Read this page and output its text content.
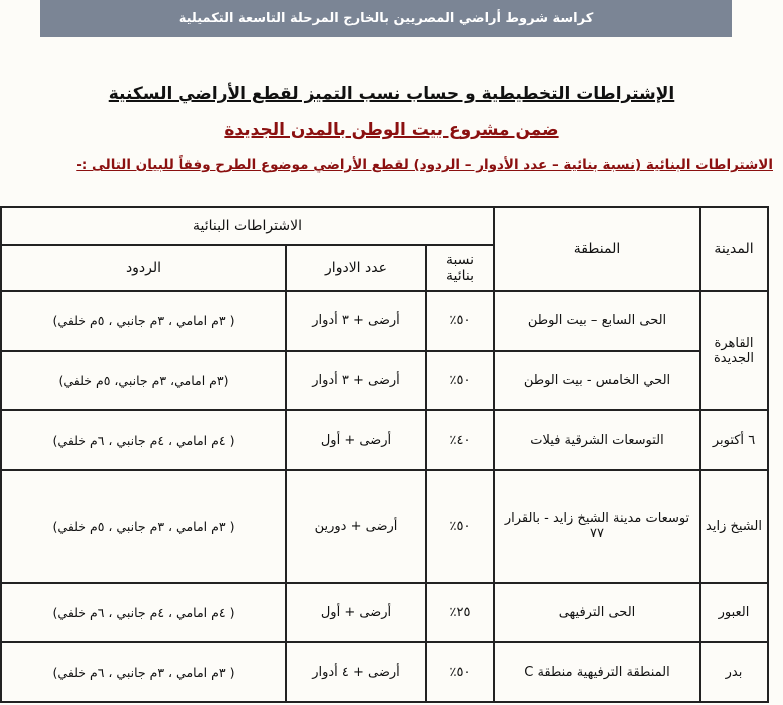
كراسة شروط أراضي المصريين بالخارج المرحلة التاسعة التكميلية
الإشتراطات التخطيطية و حساب نسب التميز لقطع الأراضي السكنية
ضمن مشروع بيت الوطن بالمدن الجديدة
الاشتراطات البنائية (نسبة بنائية – عدد الأدوار – الردود) لقطع الأراضي موضوع الطرح وفقاً للبيان التالى :-
المدينة	المنطقة	الاشتراطات البنائية		
		نسبة بنائية	عدد الادوار	الردود
القاهرة الجديدة	الحى السابع – بيت الوطن	٥٠٪	أرضى + ٣ أدوار	( ٣م امامي ، ٣م جانبي ، ٥م خلفي)
	الحي الخامس - بيت الوطن	٥٠٪	أرضى + ٣ أدوار	(٣م امامي، ٣م جانبي، ٥م خلفي)
٦ أكتوبر	التوسعات الشرقية فيلات	٤٠٪	أرضى + أول	( ٤م امامي ، ٤م جانبي ، ٦م خلفي)
الشيخ زايد	توسعات مدينة الشيخ زايد - بالقرار ٧٧	٥٠٪	أرضى + دورين	( ٣م امامي ، ٣م جانبي ، ٥م خلفي)
العبور	الحى الترفيهى	٢٥٪	أرضى + أول	( ٤م امامي ، ٤م جانبي ، ٦م خلفي)
بدر	المنطقة الترفيهية منطقة C	٥٠٪	أرضى + ٤ أدوار	( ٣م امامي ، ٣م جانبي ، ٦م خلفي)
